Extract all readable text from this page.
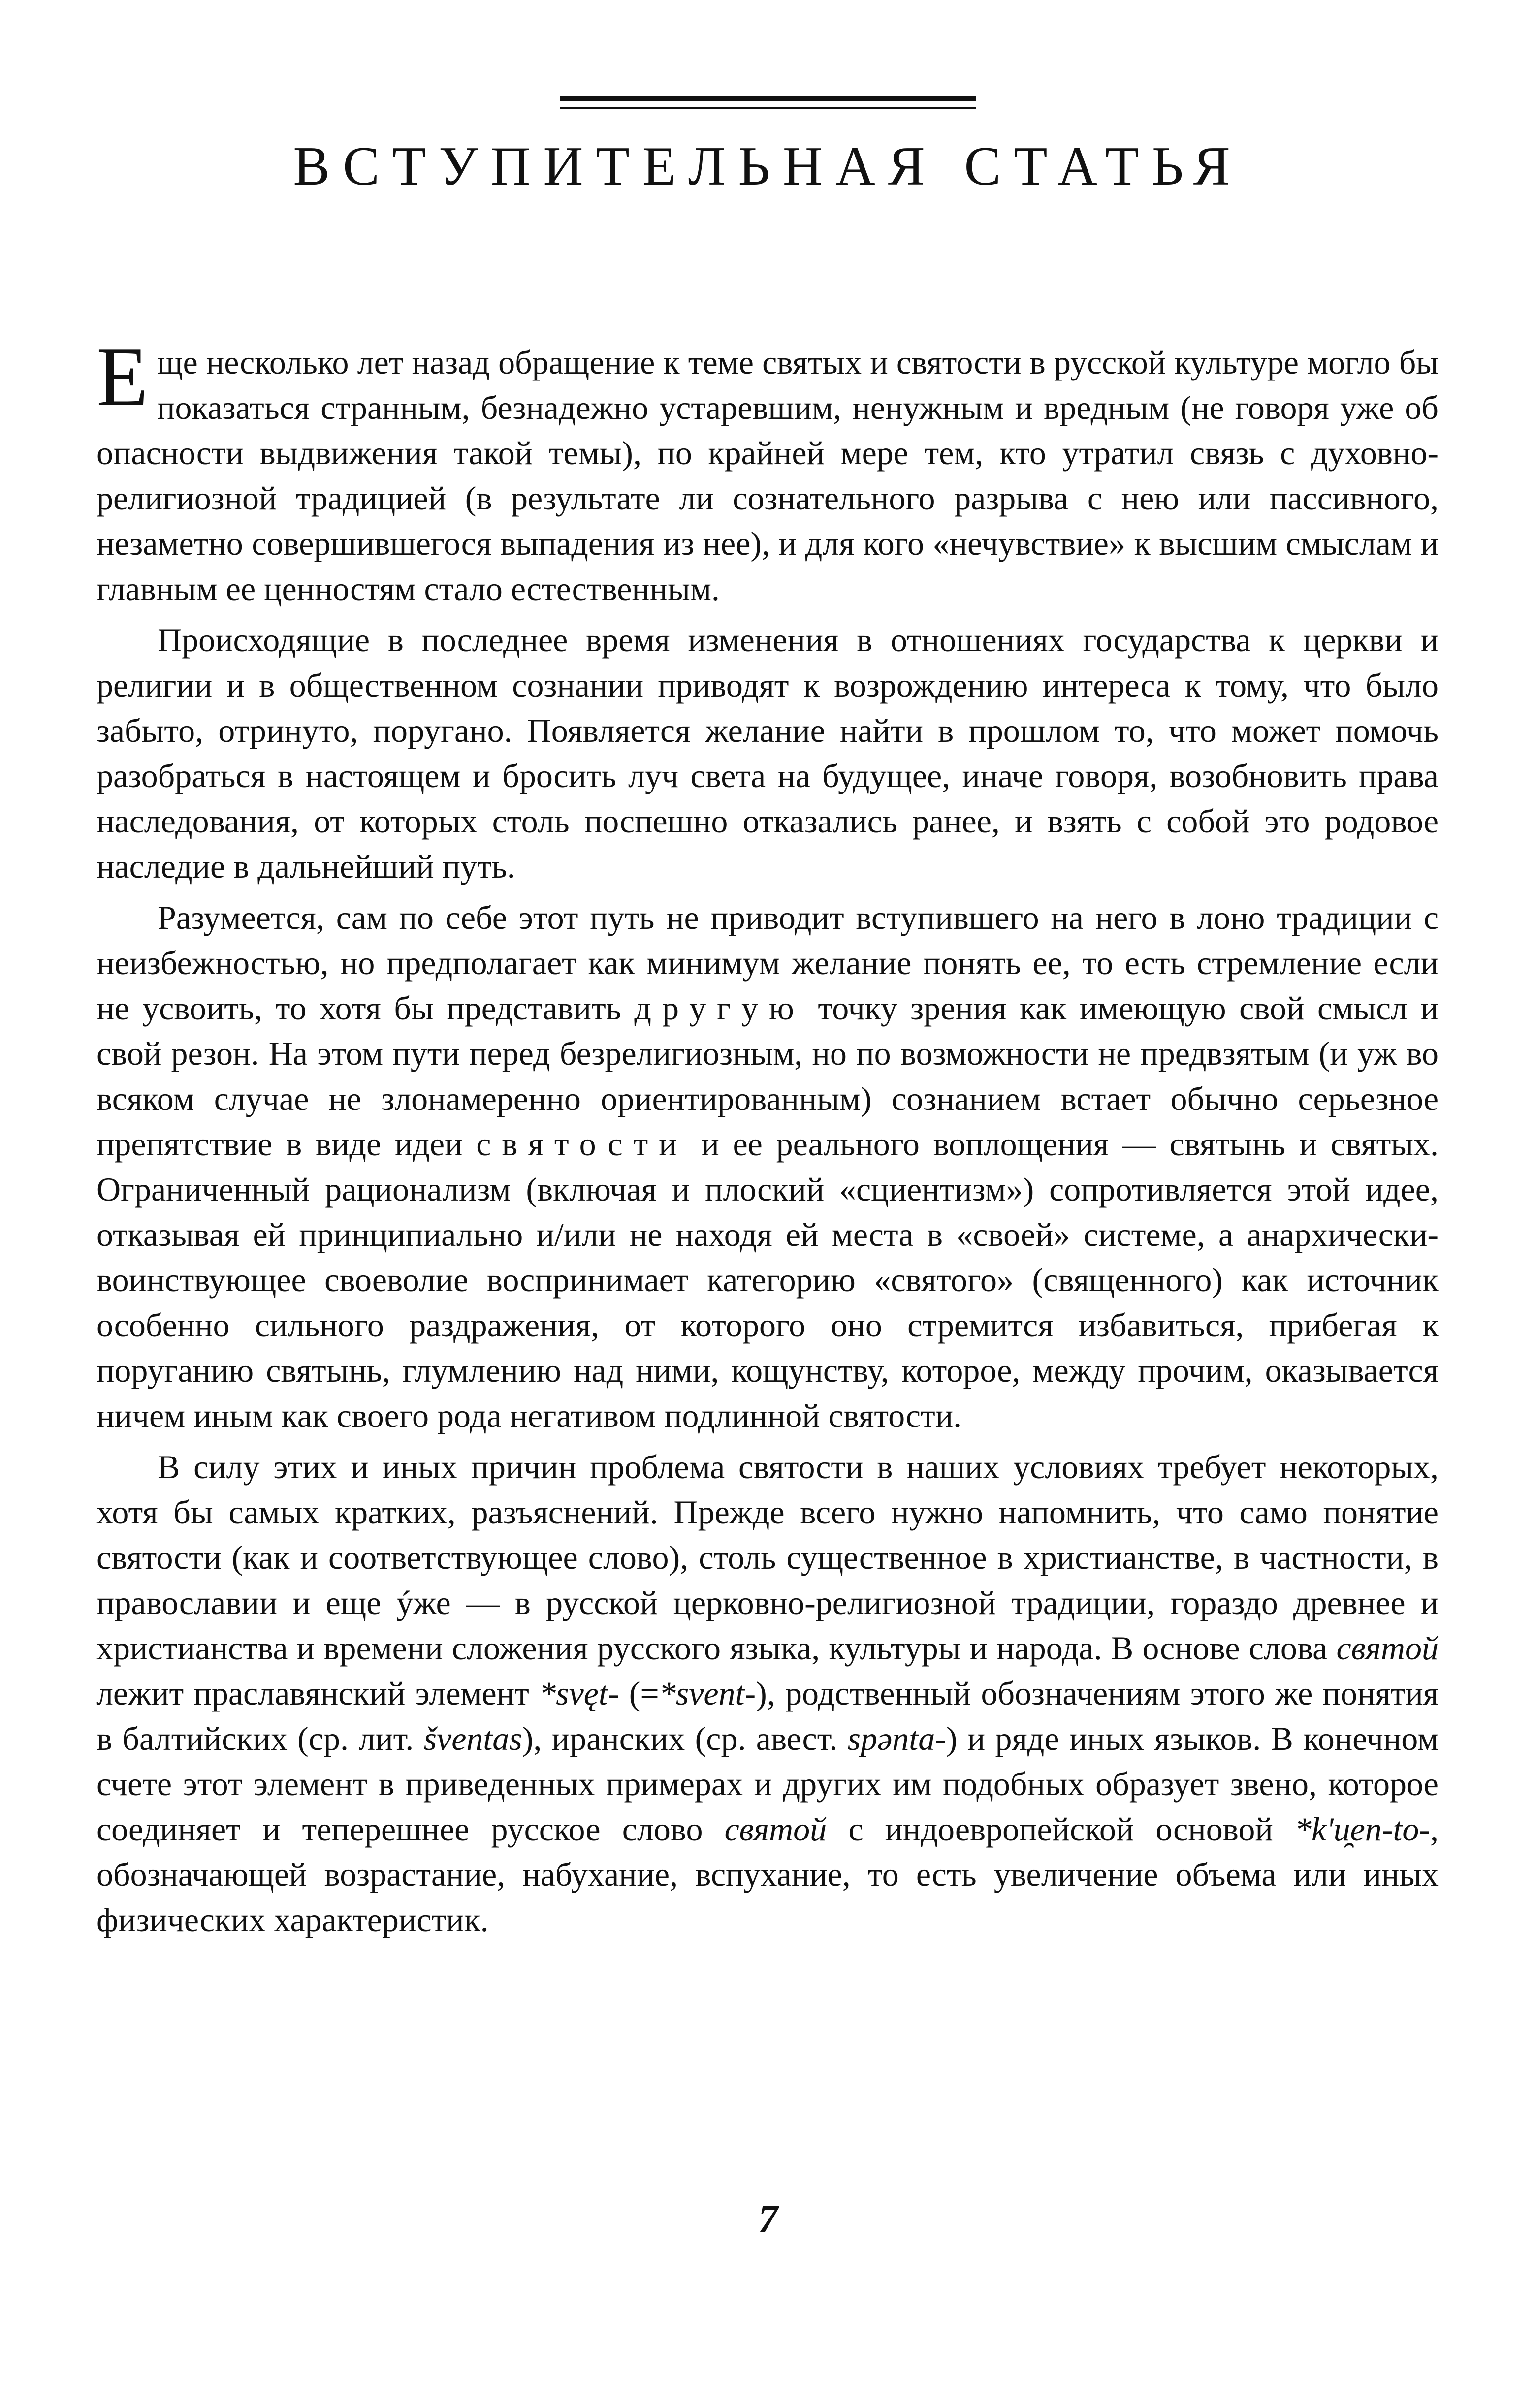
ВСТУПИТЕЛЬНАЯ СТАТЬЯ

Еще несколько лет назад обращение к теме святых и святости в русской культуре могло бы показаться странным, безнадежно устаревшим, ненужным и вредным (не говоря уже об опасности выдвижения такой темы), по крайней мере тем, кто утратил связь с духовно-религиозной традицией (в результате ли сознательного разрыва с нею или пассивного, незаметно совершившегося выпадения из нее), и для кого «нечувствие» к высшим смыслам и главным ее ценностям стало естественным.

Происходящие в последнее время изменения в отношениях государства к церкви и религии и в общественном сознании приводят к возрождению интереса к тому, что было забыто, отринуто, поругано. Появляется желание найти в прошлом то, что может помочь разобраться в настоящем и бросить луч света на будущее, иначе говоря, возобновить права наследования, от которых столь поспешно отказались ранее, и взять с собой это родовое наследие в дальнейший путь.

Разумеется, сам по себе этот путь не приводит вступившего на него в лоно традиции с неизбежностью, но предполагает как минимум желание понять ее, то есть стремление если не усвоить, то хотя бы представить другую точку зрения как имеющую свой смысл и свой резон. На этом пути перед безрелигиозным, но по возможности не предвзятым (и уж во всяком случае не злонамеренно ориентированным) сознанием встает обычно серьезное препятствие в виде идеи святости и ее реального воплощения — святынь и святых. Ограниченный рационализм (включая и плоский «сциентизм») сопротивляется этой идее, отказывая ей принципиально и/или не находя ей места в «своей» системе, а анархически-воинствующее своеволие воспринимает категорию «святого» (священного) как источник особенно сильного раздражения, от которого оно стремится избавиться, прибегая к поруганию святынь, глумлению над ними, кощунству, которое, между прочим, оказывается ничем иным как своего рода негативом подлинной святости.

В силу этих и иных причин проблема святости в наших условиях требует некоторых, хотя бы самых кратких, разъяснений. Прежде всего нужно напомнить, что само понятие святости (как и соответствующее слово), столь существенное в христианстве, в частности, в православии и еще ýже — в русской церковно-религиозной традиции, гораздо древнее и христианства и времени сложения русского языка, культуры и народа. В основе слова святой лежит праславянский элемент *svęt- (=*svent-), родственный обозначениям этого же понятия в балтийских (ср. лит. šventas), иранских (ср. авест. spənta-) и ряде иных языков. В конечном счете этот элемент в приведенных примерах и других им подобных образует звено, которое соединяет и теперешнее русское слово святой с индоевропейской основой *k'u̯en-to-, обозначающей возрастание, набухание, вспухание, то есть увеличение объема или иных физических характеристик.

7
